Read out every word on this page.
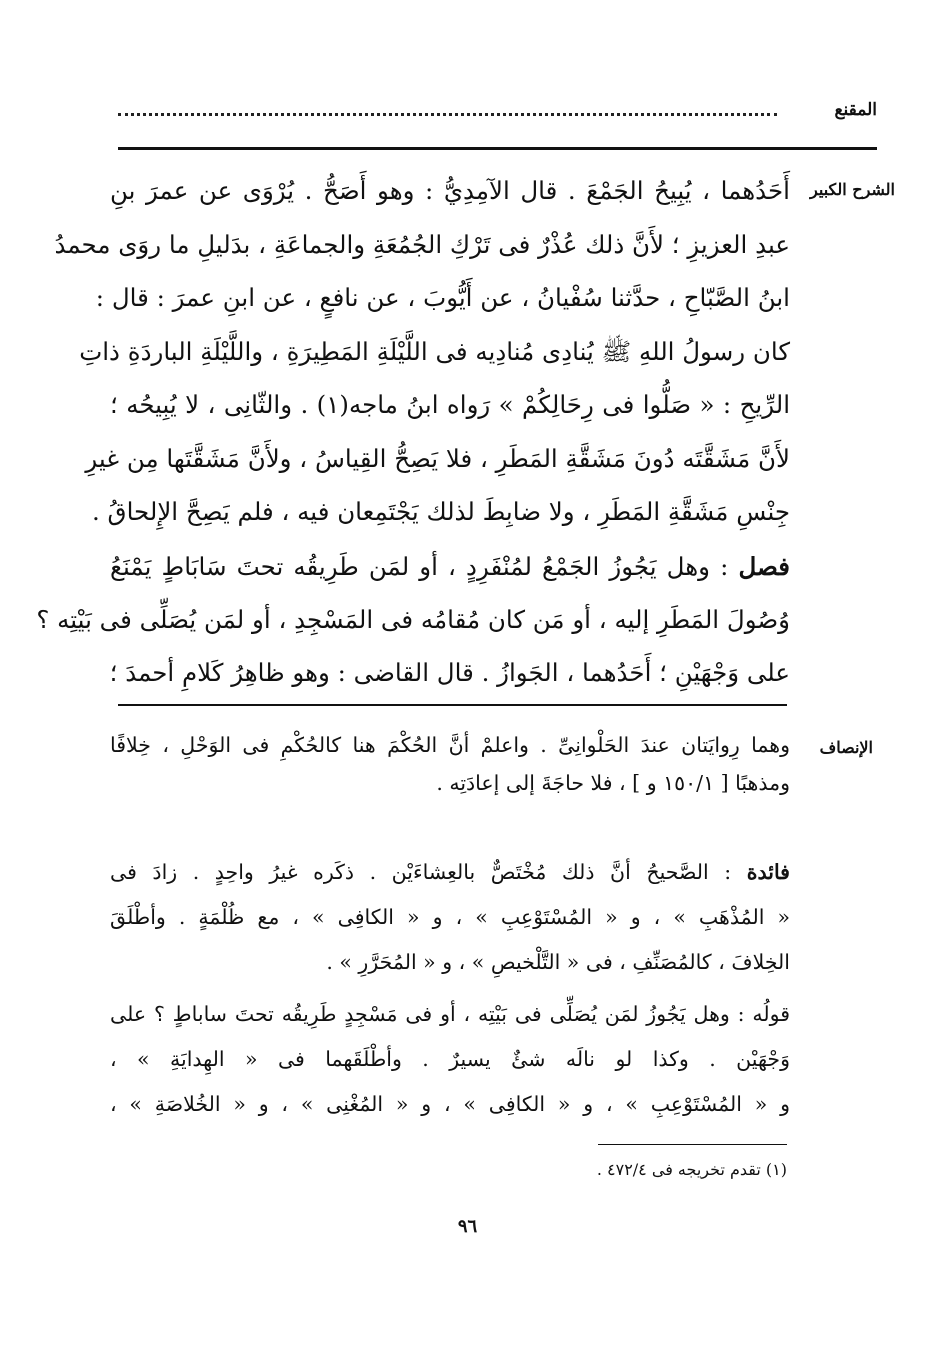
المقنع
الشرح الكبير
أَحَدُهما ، يُبِيحُ الجَمْعَ . قال الآمِدِيُّ : وهو أَصَحُّ . يُرْوَى عن عمرَ بنِ
عبدِ العزيزِ ؛ لأَنَّ ذلك عُذْرٌ فى تَرْكِ الجُمُعَةِ والجماعَةِ ، بدَليلِ ما روَى محمدُ
ابنُ الصَّبّاحِ ، حدَّثنا سُفْيانُ ، عن أَيُّوبَ ، عن نافعٍ ، عن ابنِ عمرَ : قال :
كان رسولُ اللهِ ﷺ يُنادِى مُنادِيه فى اللَّيْلَةِ المَطِيرَةِ ، واللَّيْلَةِ الباردَةِ ذاتِ
الرِّيحِ : « صَلُّوا فى رِحَالِكُمْ » رَواه ابنُ ماجه(١) . والثّانِى ، لا يُبِيحُه ؛
لأَنَّ مَشَقَّتَه دُونَ مَشَقَّةِ المَطَرِ ، فلا يَصِحُّ القِياسُ ، ولأَنَّ مَشَقَّتَها مِن غيرِ
جِنْسِ مَشَقَّةِ المَطَرِ ، ولا ضابِطَ لذلك يَجْتَمِعان فيه ، فلم يَصِحَّ الإِلحاقُ .
فصل : وهل يَجُوزُ الجَمْعُ لمُنْفَرِدٍ ، أو لمَن طَرِيقُه تحتَ سَابَاطٍ يَمْنَعُ
وُصُولَ المَطَرِ إليه ، أو مَن كان مُقامُه فى المَسْجِدِ ، أو لمَن يُصَلِّى فى بَيْتِه ؟
على وَجْهَيْنِ ؛ أَحَدُهما ، الجَوازُ . قال القاضى : وهو ظاهِرُ كَلامِ أحمدَ ؛
الإنصاف
وهما رِوايَتان عندَ الحَلْوانِىِّ . واعلمْ أنَّ الحُكْمَ هنا كالحُكْمِ فى الوَحْلِ ، خِلافًا
ومذهبًا [ ١٥٠/١ و ] ، فلا حاجَةَ إلى إعادَتِه .
فائدة : الصَّحيحُ أنَّ ذلك مُخْتَصٌّ بالعِشاءَيْن . ذكَره غيرُ واحِدٍ . زادَ فى
« المُذْهَبِ » ، و « المُسْتَوْعِبِ » ، و « الكافِى » ، مع ظُلْمَةٍ . وأطْلَقَ
الخِلافَ ، كالمُصَنِّفِ ، فى « التَّلْخيصِ » ، و « المُحَرَّرِ » .
قولُه : وهل يَجُوزُ لمَن يُصَلِّى فى بَيْتِه ، أو فى مَسْجِدٍ طَرِيقُه تحتَ ساباطٍ ؟ على
وَجْهَيْن . وكذا لو نالَه شئٌ يسيرٌ . وأطْلَقَهما فى « الهِدايَةِ » ،
و « المُسْتَوْعِبِ » ، و « الكافِى » ، و « المُغْنِى » ، و « الخُلاصَةِ » ،
(١) تقدم تخريجه فى ٤٧٢/٤ .
٩٦
